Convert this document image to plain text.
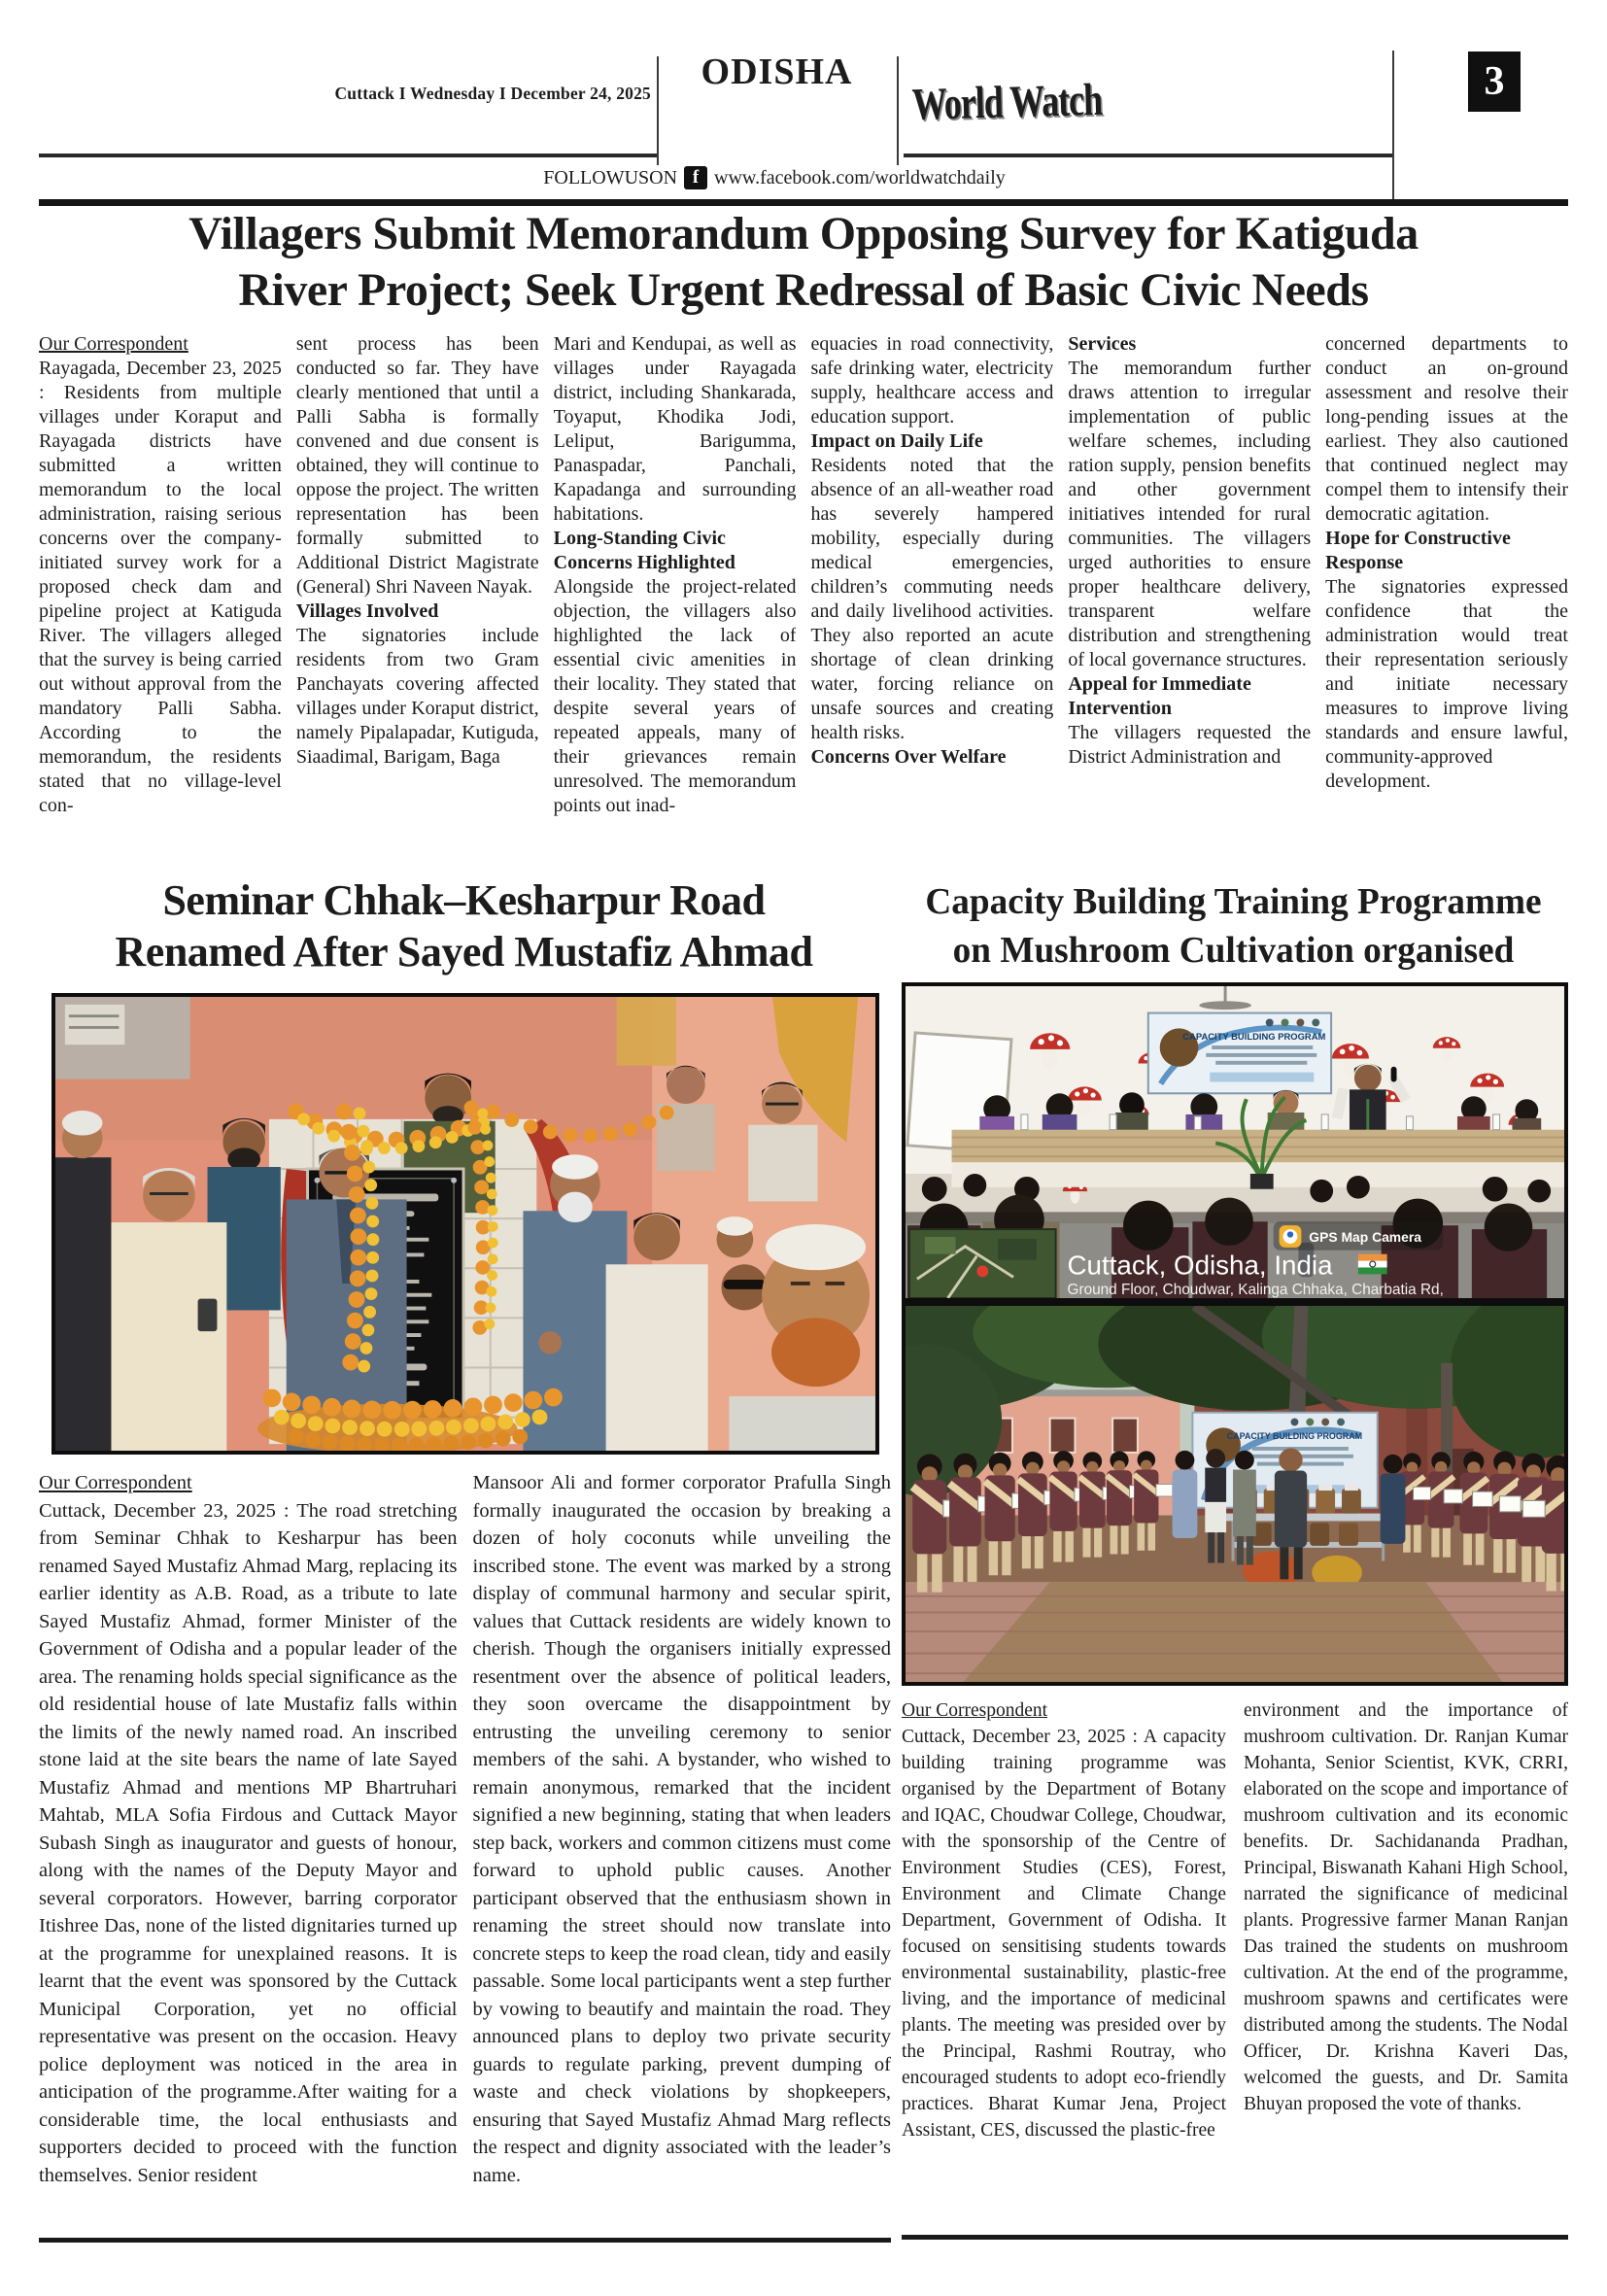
Cuttack I Wednesday I December 24, 2025
ODISHA
World Watch	3
FOLLOWUSON f www.facebook.com/worldwatchdaily
Villagers Submit Memorandum Opposing Survey for Katiguda
River Project; Seek Urgent Redressal of Basic Civic Needs
Our Correspondent
Rayagada, December 23, 2025 : Residents from multiple villages under Koraput and Rayagada districts have submitted a written memorandum to the local administration, raising serious concerns over the company-initiated survey work for a proposed check dam and pipeline project at Katiguda River. The villagers alleged that the survey is being carried out without approval from the mandatory Palli Sabha. According to the memorandum, the residents stated that no village-level con-
sent process has been conducted so far. They have clearly mentioned that until a Palli Sabha is formally convened and due consent is obtained, they will continue to oppose the project. The written representation has been formally submitted to Additional District Magistrate (General) Shri Naveen Nayak.
Villages Involved
The signatories include residents from two Gram Panchayats covering affected villages under Koraput district, namely Pipalapadar, Kutiguda, Siaadimal, Barigam, Baga
Mari and Kendupai, as well as villages under Rayagada district, including Shankarada, Toyaput, Khodika Jodi, Leliput, Barigumma, Panaspadar, Panchali, Kapadanga and surrounding habitations.
Long-Standing Civic Concerns Highlighted
Alongside the project-related objection, the villagers also highlighted the lack of essential civic amenities in their locality. They stated that despite several years of repeated appeals, many of their grievances remain unresolved. The memorandum points out inad-
equacies in road connectivity, safe drinking water, electricity supply, healthcare access and education support.
Impact on Daily Life
Residents noted that the absence of an all-weather road has severely hampered mobility, especially during medical emergencies, children’s commuting needs and daily livelihood activities. They also reported an acute shortage of clean drinking water, forcing reliance on unsafe sources and creating health risks.
Concerns Over Welfare
Services
The memorandum further draws attention to irregular implementation of public welfare schemes, including ration supply, pension benefits and other government initiatives intended for rural communities. The villagers urged authorities to ensure proper healthcare delivery, transparent welfare distribution and strengthening of local governance structures.
Appeal for Immediate Intervention
The villagers requested the District Administration and
concerned departments to conduct an on-ground assessment and resolve their long-pending issues at the earliest. They also cautioned that continued neglect may compel them to intensify their democratic agitation.
Hope for Constructive Response
The signatories expressed confidence that the administration would treat their representation seriously and initiate necessary measures to improve living standards and ensure lawful, community-approved development.
Seminar Chhak–Kesharpur Road
Renamed After Sayed Mustafiz Ahmad
Capacity Building Training Programme
on Mushroom Cultivation organised
CAPACITY BUILDING PROGRAM
GPS Map Camera
Cuttack, Odisha, India
Ground Floor, Choudwar, Kalinga Chhaka, Charbatia Rd,
CAPACITY BUILDING PROGRAM
Our Correspondent
Cuttack, December 23, 2025 : The road stretching from Seminar Chhak to Kesharpur has been renamed Sayed Mustafiz Ahmad Marg, replacing its earlier identity as A.B. Road, as a tribute to late Sayed Mustafiz Ahmad, former Minister of the Government of Odisha and a popular leader of the area. The renaming holds special significance as the old residential house of late Mustafiz falls within the limits of the newly named road. An inscribed stone laid at the site bears the name of late Sayed Mustafiz Ahmad and mentions MP Bhartruhari Mahtab, MLA Sofia Firdous and Cuttack Mayor Subash Singh as inaugurator and guests of honour, along with the names of the Deputy Mayor and several corporators. However, barring corporator Itishree Das, none of the listed dignitaries turned up at the programme for unexplained reasons. It is learnt that the event was sponsored by the Cuttack Municipal Corporation, yet no official representative was present on the occasion. Heavy police deployment was noticed in the area in anticipation of the programme.After waiting for a considerable time, the local enthusiasts and supporters decided to proceed with the function themselves. Senior resident
Mansoor Ali and former corporator Prafulla Singh formally inaugurated the occasion by breaking a dozen of holy coconuts while unveiling the inscribed stone. The event was marked by a strong display of communal harmony and secular spirit, values that Cuttack residents are widely known to cherish. Though the organisers initially expressed resentment over the absence of political leaders, they soon overcame the disappointment by entrusting the unveiling ceremony to senior members of the sahi. A bystander, who wished to remain anonymous, remarked that the incident signified a new beginning, stating that when leaders step back, workers and common citizens must come forward to uphold public causes. Another participant observed that the enthusiasm shown in renaming the street should now translate into concrete steps to keep the road clean, tidy and easily passable. Some local participants went a step further by vowing to beautify and maintain the road. They announced plans to deploy two private security guards to regulate parking, prevent dumping of waste and check violations by shopkeepers, ensuring that Sayed Mustafiz Ahmad Marg reflects the respect and dignity associated with the leader’s name.
Our Correspondent
Cuttack, December 23, 2025 : A capacity building training programme was organised by the Department of Botany and IQAC, Choudwar College, Choudwar, with the sponsorship of the Centre of Environment Studies (CES), Forest, Environment and Climate Change Department, Government of Odisha. It focused on sensitising students towards environmental sustainability, plastic-free living, and the importance of medicinal plants. The meeting was presided over by the Principal, Rashmi Routray, who encouraged students to adopt eco-friendly practices. Bharat Kumar Jena, Project Assistant, CES, discussed the plastic-free
environment and the importance of mushroom cultivation. Dr. Ranjan Kumar Mohanta, Senior Scientist, KVK, CRRI, elaborated on the scope and importance of mushroom cultivation and its economic benefits. Dr. Sachidananda Pradhan, Principal, Biswanath Kahani High School, narrated the significance of medicinal plants. Progressive farmer Manan Ranjan Das trained the students on mushroom cultivation. At the end of the programme, mushroom spawns and certificates were distributed among the students. The Nodal Officer, Dr. Krishna Kaveri Das, welcomed the guests, and Dr. Samita Bhuyan proposed the vote of thanks.
